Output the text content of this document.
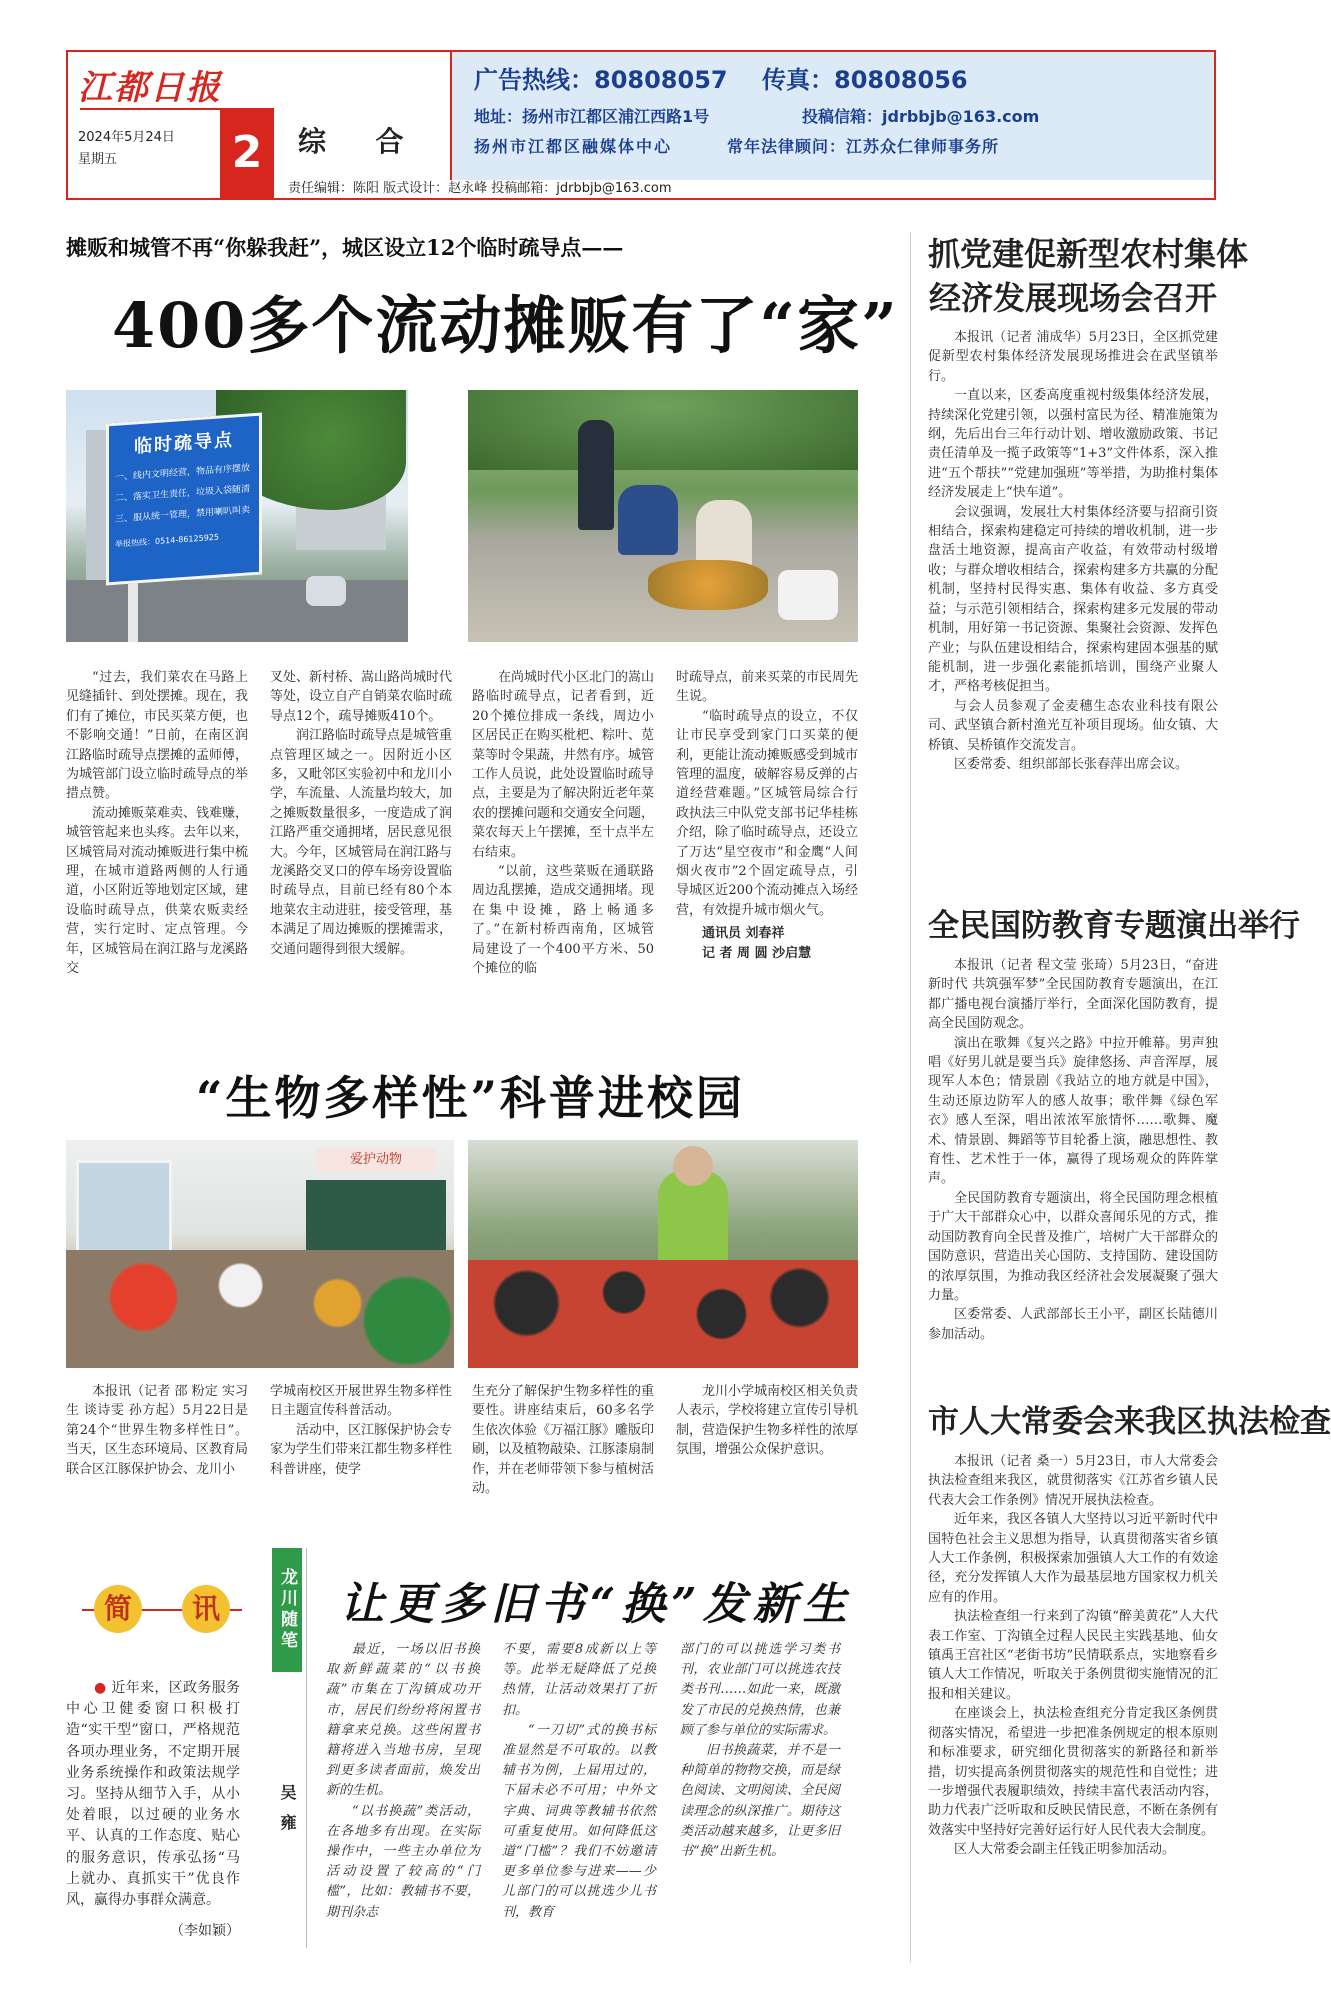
江都日报
2024年5月24日
星期五	2	综  合
广告热线：80808057 传真：80808056
地址：扬州市江都区浦江西路1号	投稿信箱：jdrbbjb@163.com
扬州市江都区融媒体中心	常年法律顾问：江苏众仁律师事务所
责任编辑：陈阳 版式设计：赵永峰 投稿邮箱：jdrbbjb@163.com
摊贩和城管不再“你躲我赶”，城区设立12个临时疏导点——
400多个流动摊贩有了“家”
临时疏导点
一、线内文明经营，物品有序摆放
二、落实卫生责任，垃圾入袋随清
三、服从统一管理，禁用喇叭叫卖
举报热线：0514-86125925

“过去，我们菜农在马路上见缝插针、到处摆摊。现在，我们有了摊位，市民买菜方便，也不影响交通！”日前，在南区润江路临时疏导点摆摊的孟师傅，为城管部门设立临时疏导点的举措点赞。

流动摊贩菜难卖、钱难赚，城管管起来也头疼。去年以来，区城管局对流动摊贩进行集中梳理，在城市道路两侧的人行通道，小区附近等地划定区域，建设临时疏导点，供菜农贩卖经营，实行定时、定点管理。今年，区城管局在润江路与龙溪路交

叉处、新村桥、嵩山路尚城时代等处，设立自产自销菜农临时疏导点12个，疏导摊贩410个。

润江路临时疏导点是城管重点管理区域之一。因附近小区多，又毗邻区实验初中和龙川小学，车流量、人流量均较大，加之摊贩数量很多，一度造成了润江路严重交通拥堵，居民意见很大。今年，区城管局在润江路与龙溪路交叉口的停车场旁设置临时疏导点，目前已经有80个本地菜农主动进驻，接受管理，基本满足了周边摊贩的摆摊需求，交通问题得到很大缓解。

在尚城时代小区北门的嵩山路临时疏导点，记者看到，近20个摊位排成一条线，周边小区居民正在购买枇杷、粽叶、苋菜等时令果蔬，井然有序。城管工作人员说，此处设置临时疏导点，主要是为了解决附近老年菜农的摆摊问题和交通安全问题，菜农每天上午摆摊，至十点半左右结束。

“以前，这些菜贩在通联路周边乱摆摊，造成交通拥堵。现在集中设摊，路上畅通多了。”在新村桥西南角，区城管局建设了一个400平方米、50个摊位的临

时疏导点，前来买菜的市民周先生说。

“临时疏导点的设立，不仅让市民享受到家门口买菜的便利，更能让流动摊贩感受到城市管理的温度，破解容易反弹的占道经营难题。”区城管局综合行政执法三中队党支部书记华桂栋介绍，除了临时疏导点，还设立了万达“星空夜市”和金鹰“人间烟火夜市”2个固定疏导点，引导城区近200个流动摊点入场经营，有效提升城市烟火气。

通讯员 刘春祥

记 者 周 圆 沙启慧

“生物多样性”科普进校园
爱护动物

本报讯（记者 邵 粉定 实习生 谈诗雯 孙方起）5月22日是第24个“世界生物多样性日”。当天，区生态环境局、区教育局联合区江豚保护协会、龙川小

学城南校区开展世界生物多样性日主题宣传科普活动。

活动中，区江豚保护协会专家为学生们带来江都生物多样性科普讲座，使学

生充分了解保护生物多样性的重要性。讲座结束后，60多名学生依次体验《万福江豚》雕版印刷，以及植物敲染、江豚漆扇制作，并在老师带领下参与植树活动。

龙川小学城南校区相关负责人表示，学校将建立宣传引导机制，营造保护生物多样性的浓厚氛围，增强公众保护意识。

简	讯

● 近年来，区政务服务中心卫健委窗口积极打造“实干型”窗口，严格规范各项办理业务，不定期开展业务系统操作和政策法规学习。坚持从细节入手，从小处着眼，以过硬的业务水平、认真的工作态度、贴心的服务意识，传承弘扬“马上就办、真抓实干”优良作风，赢得办事群众满意。

（李如颖）

龙川随笔
吴雍
让更多旧书“换”发新生

最近，一场以旧书换取新鲜蔬菜的“以书换蔬”市集在丁沟镇成功开市，居民们纷纷将闲置书籍拿来兑换。这些闲置书籍将进入当地书房，呈现到更多读者面前，焕发出新的生机。

“以书换蔬”类活动，在各地多有出现。在实际操作中，一些主办单位为活动设置了较高的“门槛”，比如：教辅书不要，期刊杂志

不要，需要8成新以上等等。此举无疑降低了兑换热情，让活动效果打了折扣。

“一刀切”式的换书标准显然是不可取的。以教辅书为例，上届用过的，下届未必不可用；中外文字典、词典等教辅书依然可重复使用。如何降低这道“门槛”？我们不妨邀请更多单位参与进来——少儿部门的可以挑选少儿书刊，教育

部门的可以挑选学习类书刊，农业部门可以挑选农技类书刊……如此一来，既激发了市民的兑换热情，也兼顾了参与单位的实际需求。

旧书换蔬菜，并不是一种简单的物物交换，而是绿色阅读、文明阅读、全民阅读理念的纵深推广。期待这类活动越来越多，让更多旧书“换”出新生机。

抓党建促新型农村集体
经济发展现场会召开

本报讯（记者 浦成华）5月23日，全区抓党建促新型农村集体经济发展现场推进会在武坚镇举行。

一直以来，区委高度重视村级集体经济发展，持续深化党建引领，以强村富民为径、精准施策为纲，先后出台三年行动计划、增收激励政策、书记责任清单及一揽子政策等“1+3”文件体系，深入推进“五个帮扶”“党建加强班”等举措，为助推村集体经济发展走上“快车道”。

会议强调，发展壮大村集体经济要与招商引资相结合，探索构建稳定可持续的增收机制，进一步盘活土地资源，提高亩产收益，有效带动村级增收；与群众增收相结合，探索构建多方共赢的分配机制，坚持村民得实惠、集体有收益、多方真受益；与示范引领相结合，探索构建多元发展的带动机制，用好第一书记资源、集聚社会资源、发挥色产业；与队伍建设相结合，探索构建固本强基的赋能机制，进一步强化素能抓培训，围绕产业聚人才，严格考核促担当。

与会人员参观了金麦穗生态农业科技有限公司、武坚镇合新村渔光互补项目现场。仙女镇、大桥镇、吴桥镇作交流发言。

区委常委、组织部部长张春萍出席会议。

全民国防教育专题演出举行

本报讯（记者 程文莹 张琦）5月23日，“奋进新时代 共筑强军梦”全民国防教育专题演出，在江都广播电视台演播厅举行，全面深化国防教育，提高全民国防观念。

演出在歌舞《复兴之路》中拉开帷幕。男声独唱《好男儿就是要当兵》旋律悠扬、声音浑厚，展现军人本色；情景剧《我站立的地方就是中国》，生动还原边防军人的感人故事；歌伴舞《绿色军衣》感人至深，唱出浓浓军旅情怀……歌舞、魔术、情景剧、舞蹈等节目轮番上演，融思想性、教育性、艺术性于一体，赢得了现场观众的阵阵掌声。

全民国防教育专题演出，将全民国防理念根植于广大干部群众心中，以群众喜闻乐见的方式，推动国防教育向全民普及推广，培树广大干部群众的国防意识，营造出关心国防、支持国防、建设国防的浓厚氛围，为推动我区经济社会发展凝聚了强大力量。

区委常委、人武部部长王小平，副区长陆德川参加活动。

市人大常委会来我区执法检查

本报讯（记者 桑一）5月23日，市人大常委会执法检查组来我区，就贯彻落实《江苏省乡镇人民代表大会工作条例》情况开展执法检查。

近年来，我区各镇人大坚持以习近平新时代中国特色社会主义思想为指导，认真贯彻落实省乡镇人大工作条例，积极探索加强镇人大工作的有效途径，充分发挥镇人大作为最基层地方国家权力机关应有的作用。

执法检查组一行来到了沟镇“醉美黄花”人大代表工作室、丁沟镇全过程人民民主实践基地、仙女镇禹王宫社区“老街书坊”民情联系点，实地察看乡镇人大工作情况，听取关于条例贯彻实施情况的汇报和相关建议。

在座谈会上，执法检查组充分肯定我区条例贯彻落实情况，希望进一步把准条例规定的根本原则和标准要求，研究细化贯彻落实的新路径和新举措，切实提高条例贯彻落实的规范性和自觉性；进一步增强代表履职绩效，持续丰富代表活动内容，助力代表广泛听取和反映民情民意，不断在条例有效落实中坚持好完善好运行好人民代表大会制度。

区人大常委会副主任钱正明参加活动。
